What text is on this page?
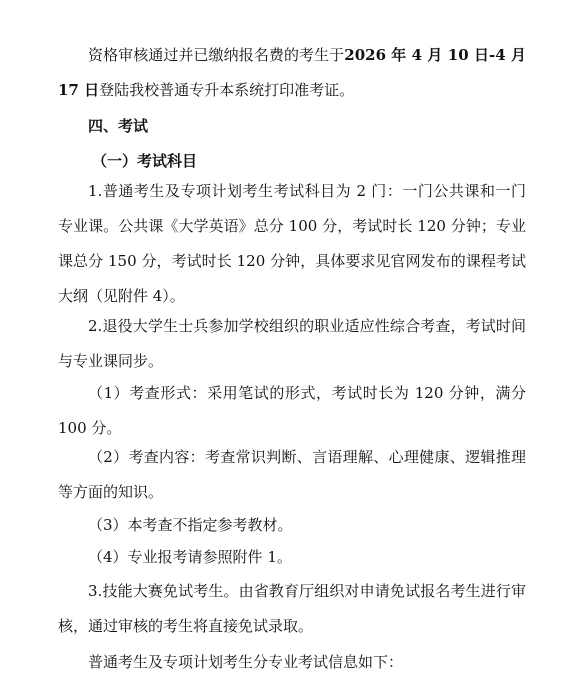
资格审核通过并已缴纳报名费的考生于2026 年 4 月 10 日-4 月 17 日登陆我校普通专升本系统打印准考证。

四、考试

（一）考试科目

1.普通考生及专项计划考生考试科目为 2 门：一门公共课和一门专业课。公共课《大学英语》总分 100 分，考试时长 120 分钟；专业课总分 150 分，考试时长 120 分钟，具体要求见官网发布的课程考试大纲（见附件 4）。

2.退役大学生士兵参加学校组织的职业适应性综合考查，考试时间与专业课同步。

（1）考查形式：采用笔试的形式，考试时长为 120 分钟，满分 100 分。

（2）考查内容：考查常识判断、言语理解、心理健康、逻辑推理等方面的知识。

（3）本考查不指定参考教材。

（4）专业报考请参照附件 1。

3.技能大赛免试考生。由省教育厅组织对申请免试报名考生进行审核，通过审核的考生将直接免试录取。

普通考生及专项计划考生分专业考试信息如下：
